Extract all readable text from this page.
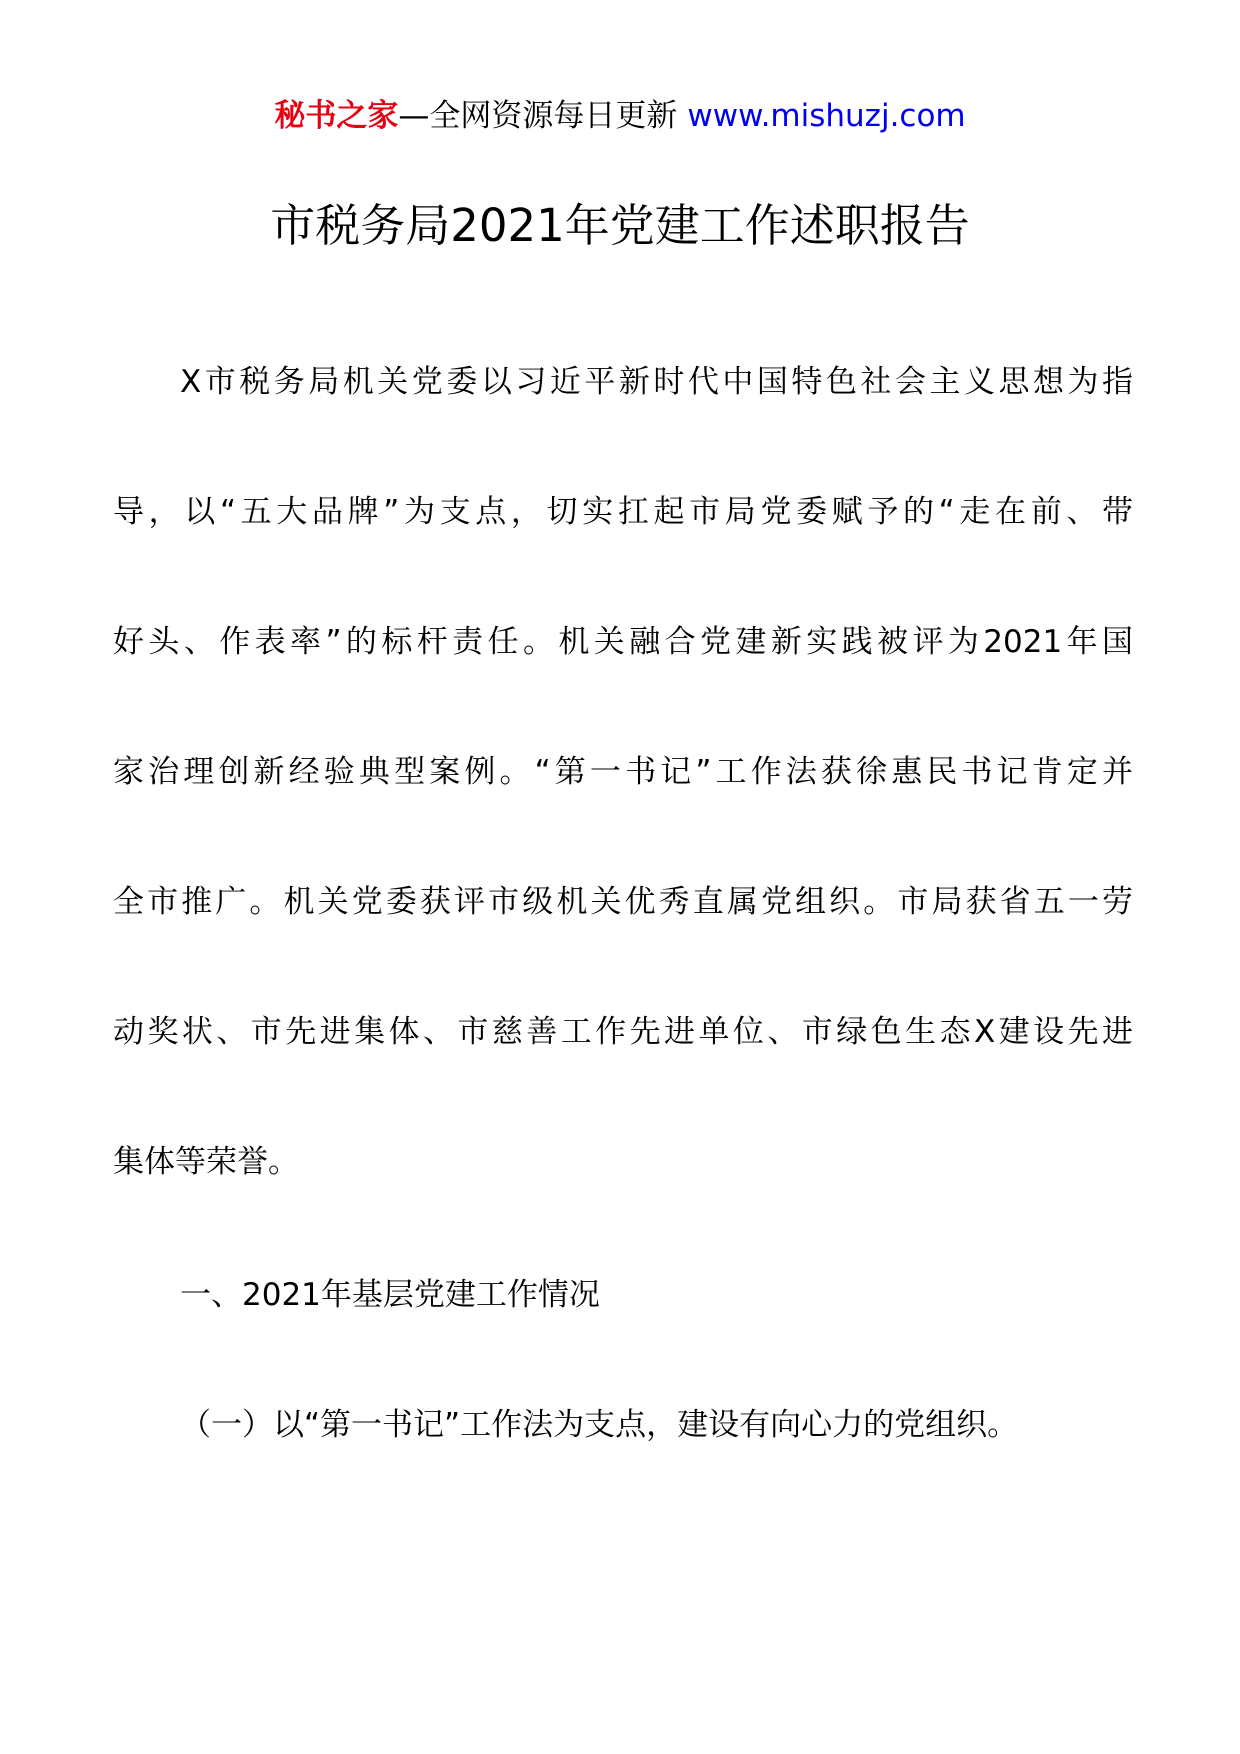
秘书之家—全网资源每日更新 www.mishuzj.com
市税务局2021年党建工作述职报告
X市税务局机关党委以习近平新时代中国特色社会主义思想为指
导，以“五大品牌”为支点，切实扛起市局党委赋予的“走在前、带
好头、作表率”的标杆责任。机关融合党建新实践被评为2021年国
家治理创新经验典型案例。“第一书记”工作法获徐惠民书记肯定并
全市推广。机关党委获评市级机关优秀直属党组织。市局获省五一劳
动奖状、市先进集体、市慈善工作先进单位、市绿色生态X建设先进
集体等荣誉。
一、2021年基层党建工作情况
（一）以“第一书记”工作法为支点，建设有向心力的党组织。
